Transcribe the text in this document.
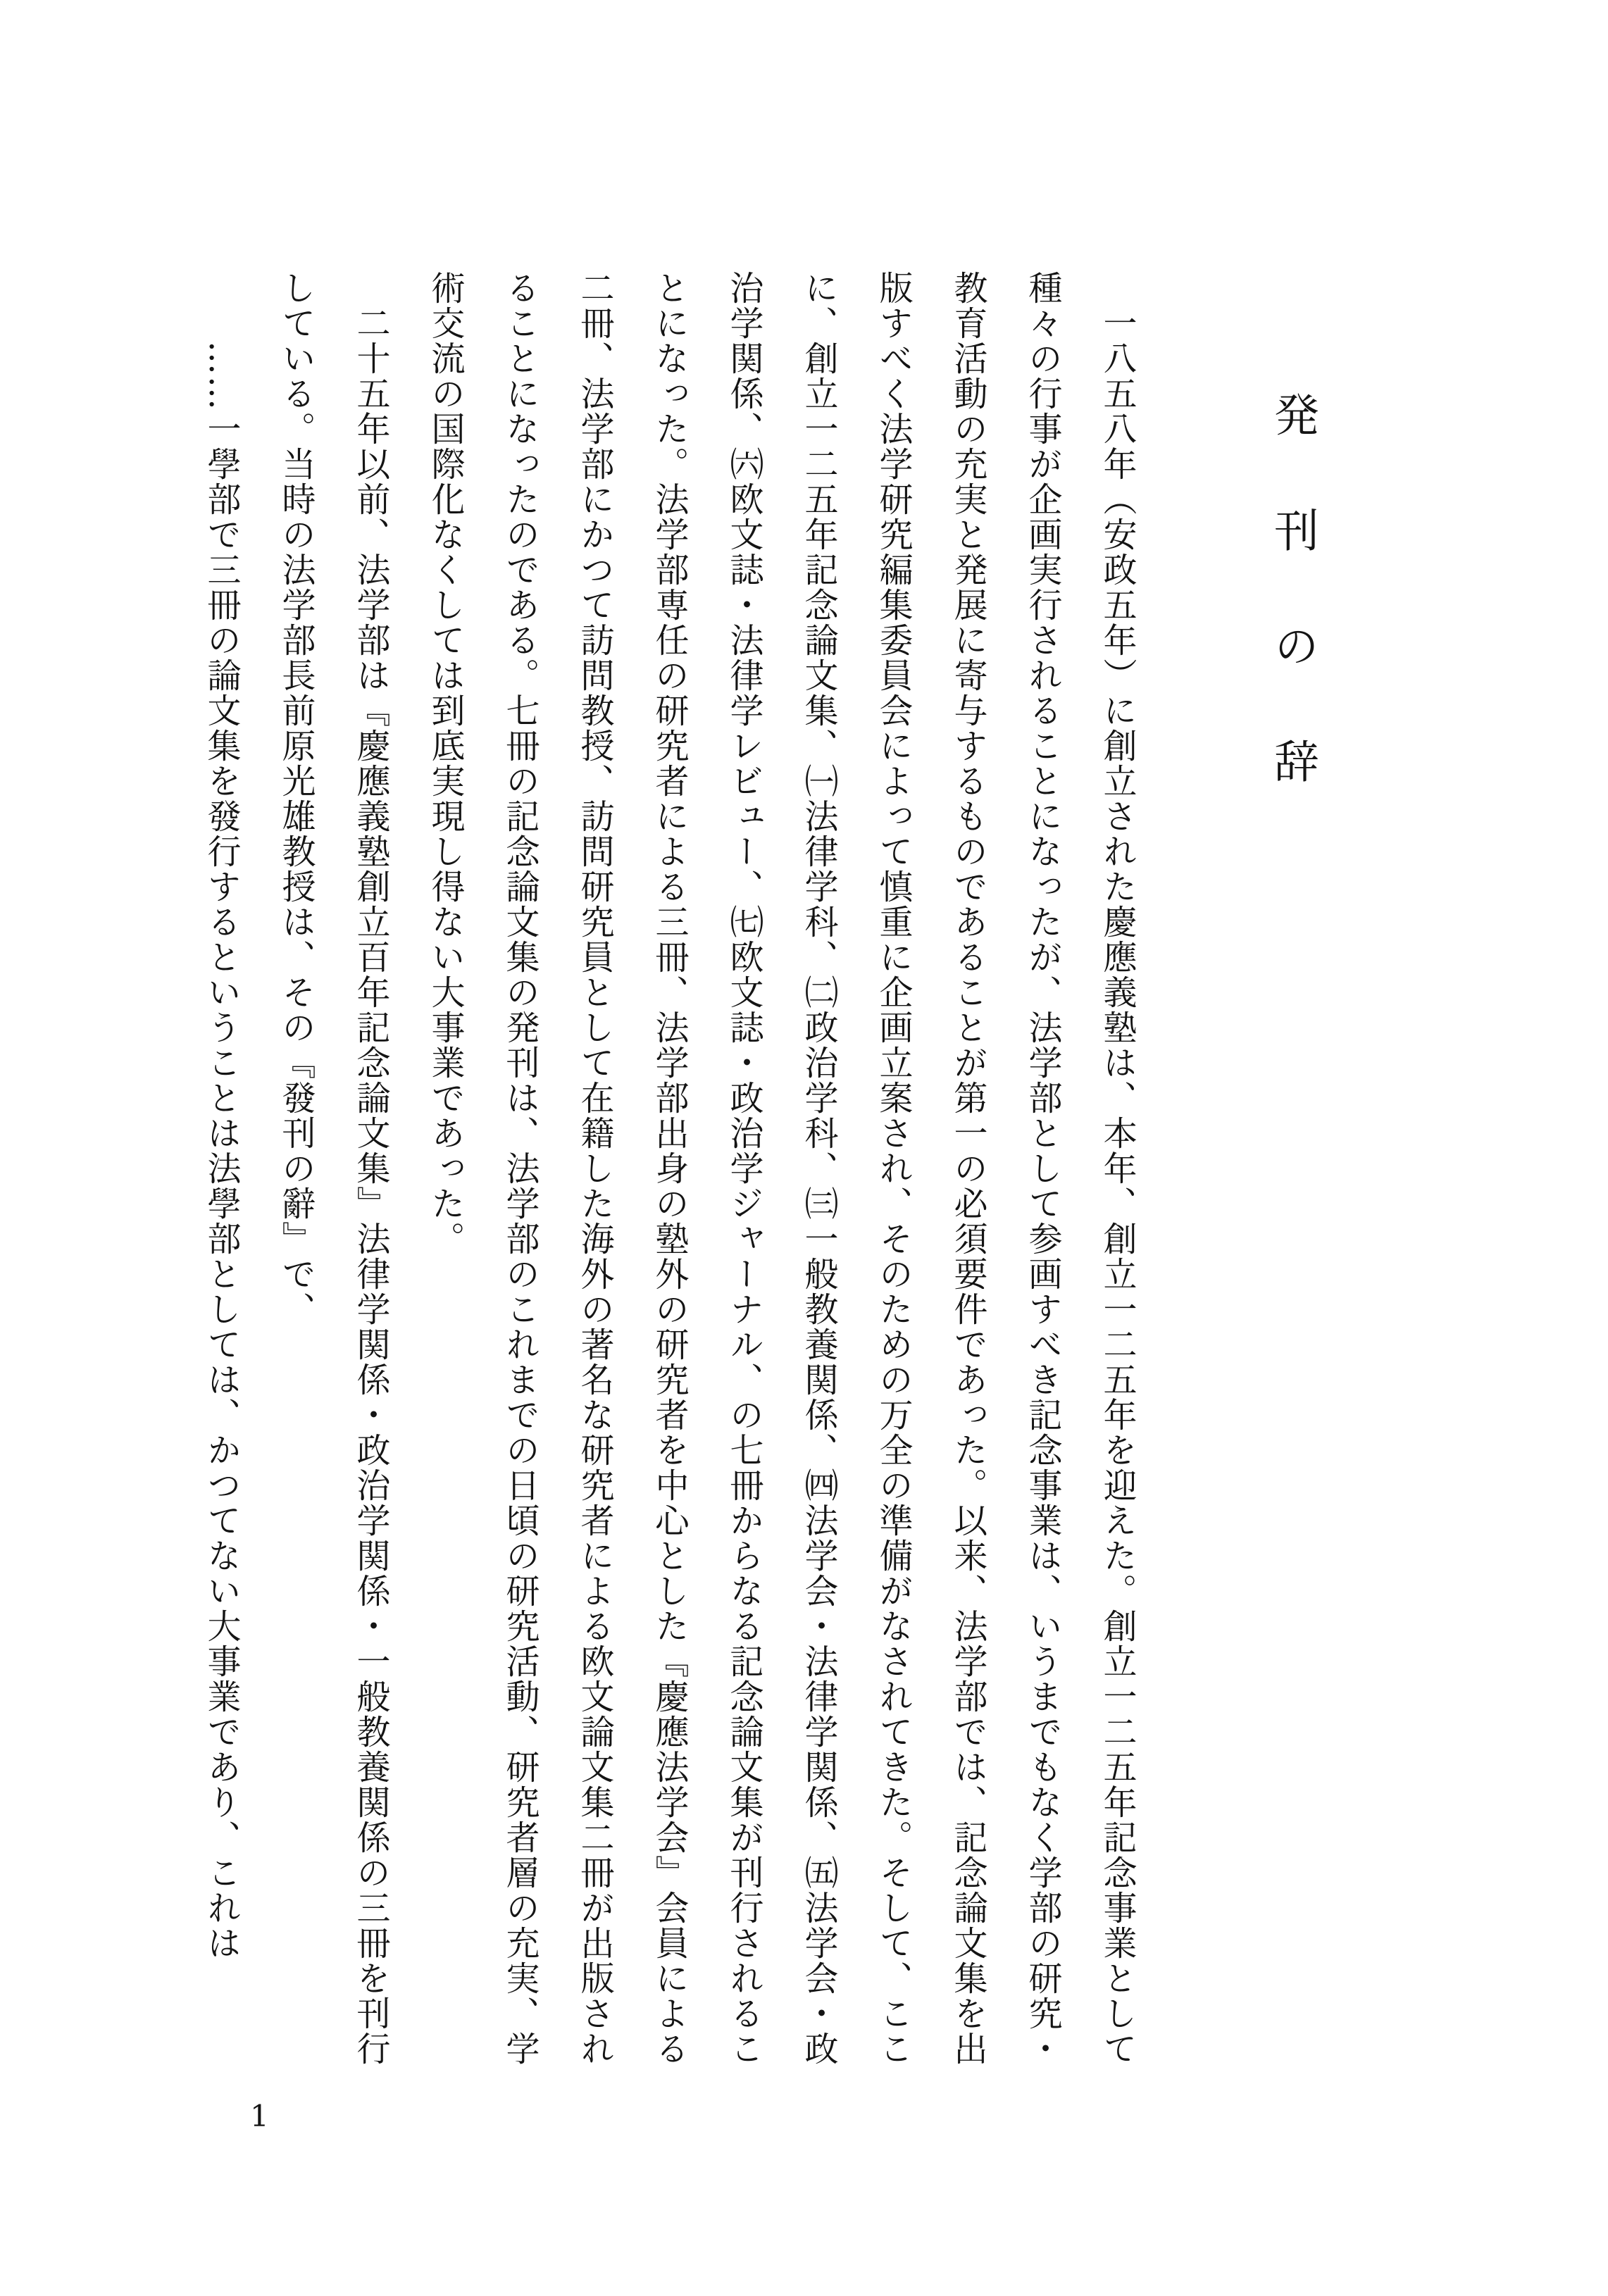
発刊の辞

　一八五八年（安政五年）に創立された慶應義塾は、本年、創立一二五年を迎えた。創立一二五年記念事業として

種々の行事が企画実行されることになったが、法学部として参画すべき記念事業は、いうまでもなく学部の研究・

教育活動の充実と発展に寄与するものであることが第一の必須要件であった。以来、法学部では、記念論文集を出

版すべく法学研究編集委員会によって慎重に企画立案され、そのための万全の準備がなされてきた。そして、ここ

に、創立一二五年記念論文集、㈠法律学科、㈡政治学科、㈢一般教養関係、㈣法学会・法律学関係、㈤法学会・政

治学関係、㈥欧文誌・法律学レビュー、㈦欧文誌・政治学ジャーナル、の七冊からなる記念論文集が刊行されるこ

とになった。法学部専任の研究者による三冊、法学部出身の塾外の研究者を中心とした『慶應法学会』会員による

二冊、法学部にかつて訪問教授、訪問研究員として在籍した海外の著名な研究者による欧文論文集二冊が出版され

ることになったのである。七冊の記念論文集の発刊は、法学部のこれまでの日頃の研究活動、研究者層の充実、学

術交流の国際化なくしては到底実現し得ない大事業であった。

　二十五年以前、法学部は『慶應義塾創立百年記念論文集』法律学関係・政治学関係・一般教養関係の三冊を刊行

している。当時の法学部長前原光雄教授は、その『發刊の辭』で、

　　……一學部で三冊の論文集を發行するということは法學部としては、かつてない大事業であり、これは

1
